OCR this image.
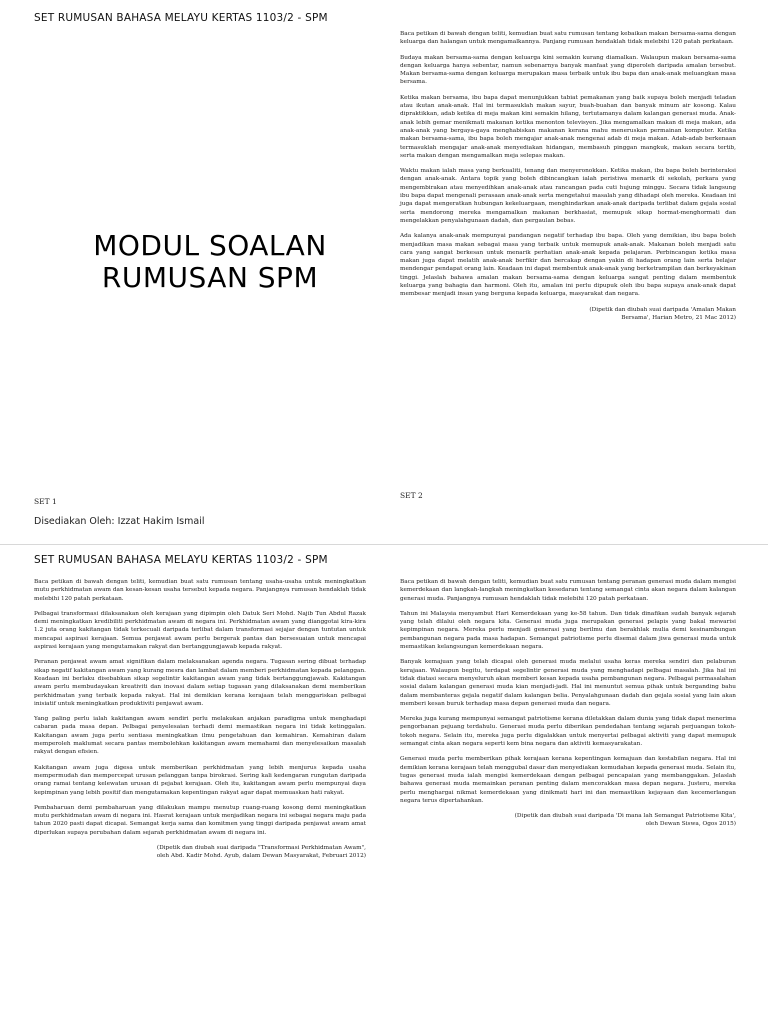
SET RUMUSAN BAHASA MELAYU KERTAS 1103/2 - SPM
MODUL SOALAN
RUMUSAN SPM

Baca petikan di bawah dengan teliti, kemudian buat satu rumusan tentang kebaikan makan bersama-sama dengan keluarga dan halangan untuk mengamalkannya. Panjang rumusan hendaklah tidak melebihi 120 patah perkataan.

Budaya makan bersama-sama dengan keluarga kini semakin kurang diamalkan. Walaupun makan bersama-sama dengan keluarga hanya sebentar, namun sebenarnya banyak manfaat yang diperoleh daripada amalan tersebut. Makan bersama-sama dengan keluarga merupakan masa terbaik untuk ibu bapa dan anak-anak meluangkan masa bersama.

Ketika makan bersama, ibu bapa dapat menunjukkan tabiat pemakanan yang baik supaya boleh menjadi teladan atau ikutan anak-anak. Hal ini termasuklah makan sayur, buah-buahan dan banyak minum air kosong. Kalau dipraktikkan, adab ketika di meja makan kini semakin hilang, tertutamanya dalam kalangan generasi muda. Anak-anak lebih gemar menikmati makanan ketika menonton televisyen. Jika mengamalkan makan di meja makan, ada anak-anak yang bergaya-gaya menghabiskan makanan kerana mahu meneruskan permainan komputer. Ketika makan bersama-sama, ibu bapa boleh mengajar anak-anak mengenai adab di meja makan. Adab-adab berkenaan termasuklah mengajar anak-anak menyediakan hidangan, membasuh pinggan mangkuk, makan secara tertib, serta makan dengan mengamalkan meja selepas makan.

Waktu makan ialah masa yang berkualiti, tenang dan menyeronokkan. Ketika makan, ibu bapa boleh berinteraksi dengan anak-anak. Antara topik yang boleh dibincangkan ialah peristiwa menarik di sekolah, perkara yang mengembirakan atau menyedihkan anak-anak atau rancangan pada cuti hujung minggu. Secara tidak langsung ibu bapa dapat mengenali perasaan anak-anak serta mengetahui masalah yang dihadapi oleh mereka. Keadaan ini juga dapat mengeratkan hubungan kekeluargaan, menghindarkan anak-anak daripada terlibat dalam gejala sosial serta mendorong mereka mengamalkan makanan berkhasiat, memupuk sikap hormat-menghormati dan mengelakkan penyalahgunaan dadah, dan pergaulan bebas.

Ada kalanya anak-anak mempunyai pandangan negatif terhadap ibu bapa. Oleh yang demikian, ibu bapa boleh menjadikan masa makan sebagai masa yang terbaik untuk memupuk anak-anak. Makanan boleh menjadi satu cara yang sangat berkesan untuk menarik perhatian anak-anak kepada pelajaran. Perbincangan ketika masa makan juga dapat melatih anak-anak berfikir dan bercakap dengan yakin di hadapan orang lain serta belajar mendengar pendapat orang lain. Keadaan ini dapat membentuk anak-anak yang berketrampilan dan berkeyakinan tinggi. Jelaslah bahawa amalan makan bersama-sama dengan keluarga sangat penting dalam membentuk keluarga yang bahagia dan harmoni. Oleh itu, amalan ini perlu dipupuk oleh ibu bapa supaya anak-anak dapat membesar menjadi insan yang berguna kepada keluarga, masyarakat dan negara.

(Dipetik dan diubah suai daripada 'Amalan Makan
Bersama', Harian Metro, 21 Mac 2012)
SET 1
SET 2
Disediakan Oleh: Izzat Hakim Ismail
SET RUMUSAN BAHASA MELAYU KERTAS 1103/2 - SPM

Baca petikan di bawah dengan teliti, kemudian buat satu rumusan tentang usaha-usaha untuk meningkatkan mutu perkhidmatan awam dan kesan-kesan usaha tersebut kepada negara. Panjangnya rumusan hendaklah tidak melebihi 120 patah perkataan.

Pelbagai transformasi dilaksanakan oleh kerajaan yang dipimpin oleh Datuk Seri Mohd. Najib Tun Abdul Razak demi meningkatkan kredibiliti perkhidmatan awam di negara ini. Perkhidmatan awam yang dianggotai kira-kira 1.2 juta orang kakitangan tidak terkecuali daripada terlibat dalam transformasi sejajar dengan tuntutan untuk mencapai aspirasi kerajaan. Semua penjawat awam perlu bergerak pantas dan bersesuaian untuk mencapai aspirasi kerajaan yang mengutamakan rakyat dan bertanggungjawab kepada rakyat.

Peranan penjawat awam amat signifikan dalam melaksanakan agenda negara. Tugasan sering dibuat terhadap sikap negatif kakitangan awam yang kurang mesra dan lambat dalam memberi perkhidmatan kepada pelanggan. Keadaan ini berlaku disebabkan sikap segelintir kakitangan awam yang tidak bertanggungjawab. Kakitangan awam perlu membudayakan kreativiti dan inovasi dalam setiap tugasan yang dilaksanakan demi memberikan perkhidmatan yang terbaik kepada rakyat. Hal ini demikian kerana kerajaan telah menggariskan pelbagai inisiatif untuk meningkatkan produktiviti penjawat awam.

Yang paling perlu ialah kakitangan awam sendiri perlu melakukan anjakan paradigma untuk menghadapi cabaran pada masa depan. Pelbagai penyelesaian terhadi demi memastikan negara ini tidak ketinggalan. Kakitangan awam juga perlu sentiasa meningkatkan ilmu pengetahuan dan kemahiran. Kemahiran dalam memperoleh maklumat secara pantas membolehkan kakitangan awam memahami dan menyelesaikan masalah rakyat dengan efisien.

Kakitangan awam juga digesa untuk memberikan perkhidmatan yang lebih menjurus kepada usaha mempermudah dan mempercepat urusan pelanggan tanpa birokrasi. Sering kali kedengaran rungutan daripada orang ramai tentang kelewatan urusan di pejabat kerajaan. Oleh itu, kakitangan awam perlu mempunyai daya kepimpinan yang lebih positif dan mengutamakan kepentingan rakyat agar dapat memuaskan hati rakyat.

Pembaharuan demi pembaharuan yang dilakukan mampu menutup ruang-ruang kosong demi meningkatkan mutu perkhidmatan awam di negara ini. Hasrat kerajaan untuk menjadikan negara ini sebagai negara maju pada tahun 2020 pasti dapat dicapai. Semangat kerja sama dan komitmen yang tinggi daripada penjawat awam amat diperlukan supaya perubahan dalam sejarah perkhidmatan awam di negara ini.

(Dipetik dan diubah suai daripada "Transformasi Perkhidmatan Awam",
oleh Abd. Kadir Mohd. Ayub, dalam Dewan Masyarakat, Februari 2012)

Baca petikan di bawah dengan teliti, kemudian buat satu rumusan tentang peranan generasi muda dalam mengisi kemerdekaan dan langkah-langkah meningkatkan kesedaran tentang semangat cinta akan negara dalam kalangan generasi muda. Panjangnya rumusan hendaklah tidak melebihi 120 patah perkataan.

Tahun ini Malaysia menyambut Hari Kemerdekaan yang ke-58 tahun. Dan tidak dinafikan sudah banyak sejarah yang telah dilalui oleh negara kita. Generasi muda juga merupakan generasi pelapis yang bakal mewarisi kepimpinan negara. Mereka perlu menjadi generasi yang berilmu dan berakhlak mulia demi kesinambungan pembangunan negara pada masa hadapan. Semangat patriotisme perlu disemai dalam jiwa generasi muda untuk memastikan kelangsungan kemerdekaan negara.

Banyak kemajuan yang telah dicapai oleh generasi muda melalui usaha keras mereka sendiri dan pelaburan kerajaan. Walaupun begitu, terdapat segelintir generasi muda yang menghadapi pelbagai masalah. Jika hal ini tidak diatasi secara menyeluruh akan memberi kesan kepada usaha pembangunan negara. Pelbagai permasalahan sosial dalam kalangan generasi muda kian menjadi-jadi. Hal ini menuntut semua pihak untuk berganding bahu dalam membanteras gejala negatif dalam kalangan belia. Penyalahgunaan dadah dan gejala sosial yang lain akan memberi kesan buruk terhadap masa depan generasi muda dan negara.

Mereka juga kurang mempunyai semangat patriotisme kerana diletakkan dalam dunia yang tidak dapat menerima pengorbanan pejuang terdahulu. Generasi muda perlu diberikan pendedahan tentang sejarah perjuangan tokoh-tokoh negara. Selain itu, mereka juga perlu digalakkan untuk menyertai pelbagai aktiviti yang dapat memupuk semangat cinta akan negara seperti kem bina negara dan aktiviti kemasyarakatan.

Generasi muda perlu memberikan pihak kerajaan kerana kepentingan kemajuan dan kestabilan negara. Hal ini demikian kerana kerajaan telah menggubal dasar dan menyediakan kemudahan kepada generasi muda. Selain itu, tugas generasi muda ialah mengisi kemerdekaan dengan pelbagai pencapaian yang membanggakan. Jelaslah bahawa generasi muda memainkan peranan penting dalam mencorakkan masa depan negara. Justeru, mereka perlu menghargai nikmat kemerdekaan yang dinikmati hari ini dan memastikan kejayaan dan kecemerlangan negara terus dipertahankan.

(Dipetik dan diubah suai daripada 'Di mana lah Semangat Patriotisme Kita',
oleh Dewan Siswa, Ogos 2015)
